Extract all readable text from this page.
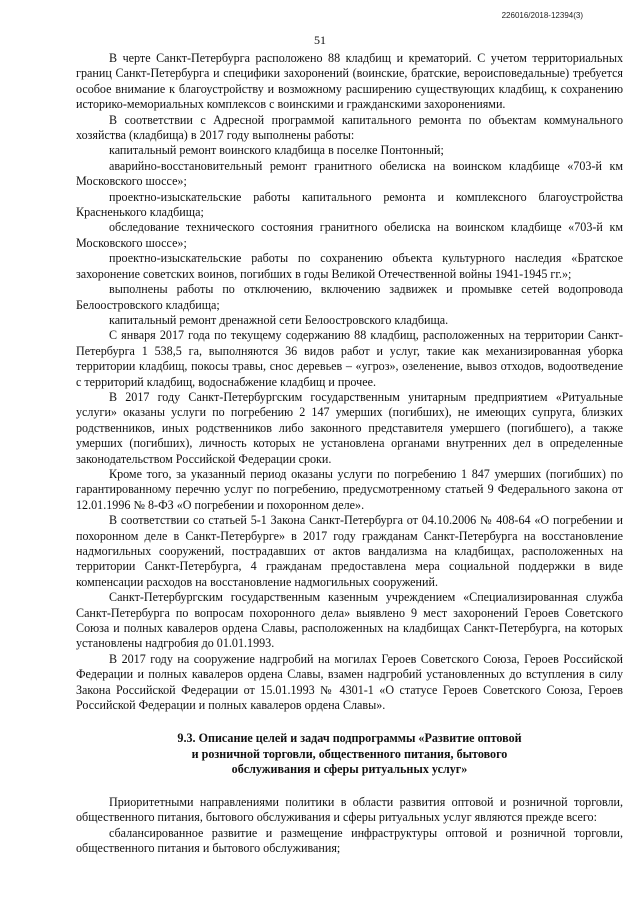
226016/2018-12394(3)
51

В черте Санкт-Петербурга расположено 88 кладбищ и крематорий. С учетом территориальных границ Санкт-Петербурга и специфики захоронений (воинские, братские, вероисповедальные) требуется особое внимание к благоустройству и возможному расширению существующих кладбищ, к сохранению историко-мемориальных комплексов с воинскими и гражданскими захоронениями.

В соответствии с Адресной программой капитального ремонта по объектам коммунального хозяйства (кладбища) в 2017 году выполнены работы:

капитальный ремонт воинского кладбища в поселке Понтонный;

аварийно-восстановительный ремонт гранитного обелиска на воинском кладбище «703-й км Московского шоссе»;

проектно-изыскательские работы капитального ремонта и комплексного благоустройства Красненького кладбища;

обследование технического состояния гранитного обелиска на воинском кладбище «703-й км Московского шоссе»;

проектно-изыскательские работы по сохранению объекта культурного наследия «Братское захоронение советских воинов, погибших в годы Великой Отечественной войны 1941-1945 гг.»;

выполнены работы по отключению, включению задвижек и промывке сетей водопровода Белоостровского кладбища;

капитальный ремонт дренажной сети Белоостровского кладбища.

С января 2017 года по текущему содержанию 88 кладбищ, расположенных на территории Санкт-Петербурга 1 538,5 га, выполняются 36 видов работ и услуг, такие как механизированная уборка территории кладбищ, покосы травы, снос деревьев – «угроз», озеленение, вывоз отходов, водоотведение с территорий кладбищ, водоснабжение кладбищ и прочее.

В 2017 году Санкт-Петербургским государственным унитарным предприятием «Ритуальные услуги» оказаны услуги по погребению 2 147 умерших (погибших), не имеющих супруга, близких родственников, иных родственников либо законного представителя умершего (погибшего), а также умерших (погибших), личность которых не установлена органами внутренних дел в определенные законодательством Российской Федерации сроки.

Кроме того, за указанный период оказаны услуги по погребению 1 847 умерших (погибших) по гарантированному перечню услуг по погребению, предусмотренному статьей 9 Федерального закона от 12.01.1996 № 8-ФЗ «О погребении и похоронном деле».

В соответствии со статьей 5-1 Закона Санкт-Петербурга от 04.10.2006 № 408-64 «О погребении и похоронном деле в Санкт-Петербурге» в 2017 году гражданам Санкт-Петербурга на восстановление надмогильных сооружений, пострадавших от актов вандализма на кладбищах, расположенных на территории Санкт-Петербурга, 4 гражданам предоставлена мера социальной поддержки в виде компенсации расходов на восстановление надмогильных сооружений.

Санкт-Петербургским государственным казенным учреждением «Специализированная служба Санкт-Петербурга по вопросам похоронного дела» выявлено 9 мест захоронений Героев Советского Союза и полных кавалеров ордена Славы, расположенных на кладбищах Санкт-Петербурга, на которых установлены надгробия до 01.01.1993.

В 2017 году на сооружение надгробий на могилах Героев Советского Союза, Героев Российской Федерации и полных кавалеров ордена Славы, взамен надгробий установленных до вступления в силу Закона Российской Федерации от 15.01.1993 № 4301-1 «О статусе Героев Советского Союза, Героев Российской Федерации и полных кавалеров ордена Славы».

9.3. Описание целей и задач подпрограммы «Развитие оптовой
и розничной торговли, общественного питания, бытового
обслуживания и сферы ритуальных услуг»

Приоритетными направлениями политики в области развития оптовой и розничной торговли, общественного питания, бытового обслуживания и сферы ритуальных услуг являются прежде всего:

сбалансированное развитие и размещение инфраструктуры оптовой и розничной торговли, общественного питания и бытового обслуживания;
